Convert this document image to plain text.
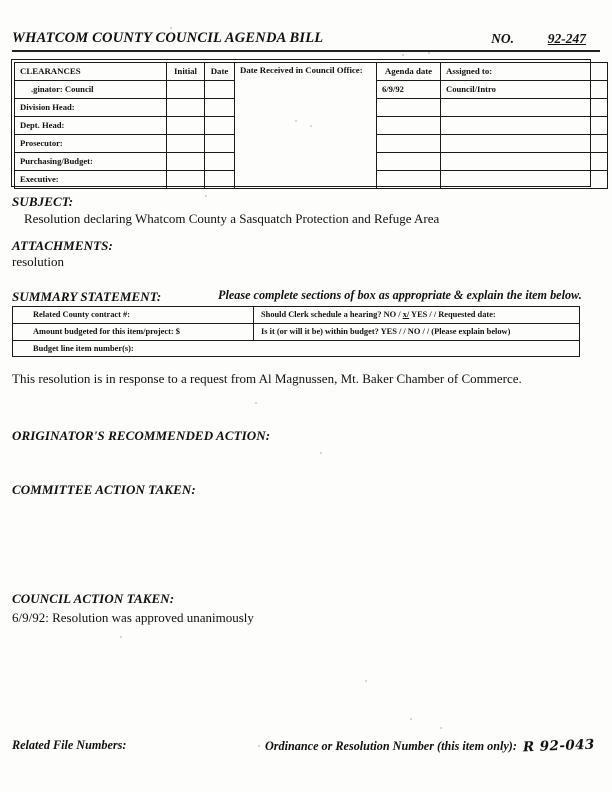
WHATCOM COUNTY COUNCIL AGENDA BILL	NO.	92-247
CLEARANCES	Initial	Date	Date Received in Council Office:	Agenda date	Assigned to:
.ginator: Council				6/9/92	Council/Intro
Division Head:					
Dept. Head:					
Prosecutor:					
Purchasing/Budget:					
Executive:					
SUBJECT:
Resolution declaring Whatcom County a Sasquatch Protection and Refuge Area
ATTACHMENTS:
resolution
SUMMARY STATEMENT:	Please complete sections of box as appropriate & explain the item below.
Related County contract #:	Should Clerk schedule a hearing? NO / x/ YES / / Requested date:
Amount budgeted for this item/project: $	Is it (or will it be) within budget? YES / / NO / / (Please explain below)
Budget line item number(s):
This resolution is in response to a request from Al Magnussen, Mt. Baker Chamber of Commerce.
ORIGINATOR'S RECOMMENDED ACTION:
COMMITTEE ACTION TAKEN:
COUNCIL ACTION TAKEN:
6/9/92: Resolution was approved unanimously
Related File Numbers:	Ordinance or Resolution Number (this item only): R 92-043
